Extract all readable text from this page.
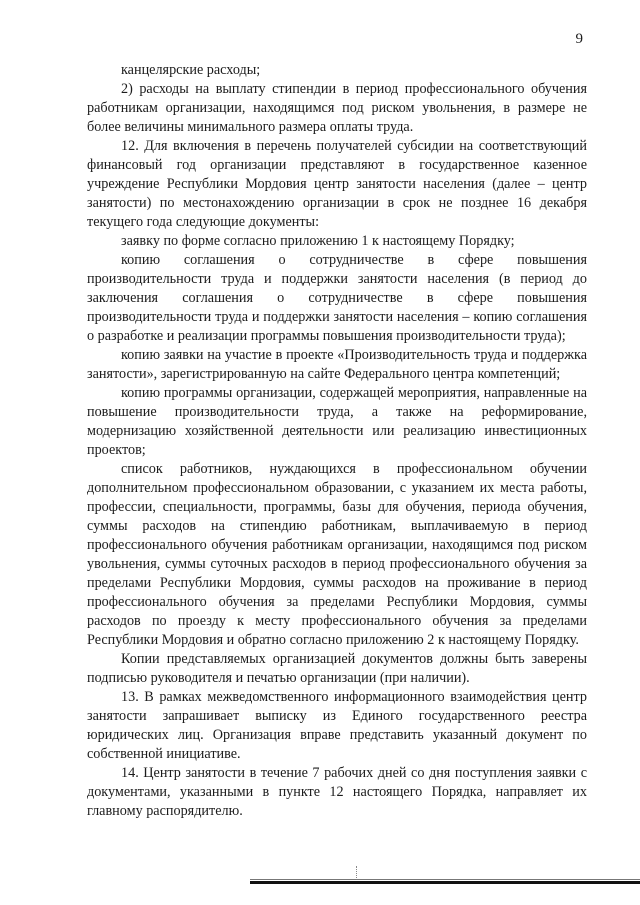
9

канцелярские расходы;

2) расходы на выплату стипендии в период профессионального обучения работникам организации, находящимся под риском увольнения, в размере не более величины минимального размера оплаты труда.

12. Для включения в перечень получателей субсидии на соответствующий финансовый год организации представляют в государственное казенное учреждение Республики Мордовия центр занятости населения (далее – центр занятости) по местонахождению организации в срок не позднее 16 декабря текущего года следующие документы:

заявку по форме согласно приложению 1 к настоящему Порядку;

копию соглашения о сотрудничестве в сфере повышения производительности труда и поддержки занятости населения (в период до заключения соглашения о сотрудничестве в сфере повышения производительности труда и поддержки занятости населения – копию соглашения о разработке и реализации программы повышения производительности труда);

копию заявки на участие в проекте «Производительность труда и поддержка занятости», зарегистрированную на сайте Федерального центра компетенций;

копию программы организации, содержащей мероприятия, направленные на повышение производительности труда, а также на реформирование, модернизацию хозяйственной деятельности или реализацию инвестиционных проектов;

список работников, нуждающихся в профессиональном обучении дополнительном профессиональном образовании, с указанием их места работы, профессии, специальности, программы, базы для обучения, периода обучения, суммы расходов на стипендию работникам, выплачиваемую в период профессионального обучения работникам организации, находящимся под риском увольнения, суммы суточных расходов в период профессионального обучения за пределами Республики Мордовия, суммы расходов на проживание в период профессионального обучения за пределами Республики Мордовия, суммы расходов по проезду к месту профессионального обучения за пределами Республики Мордовия и обратно согласно приложению 2 к настоящему Порядку.

Копии представляемых организацией документов должны быть заверены подписью руководителя и печатью организации (при наличии).

13. В рамках межведомственного информационного взаимодействия центр занятости запрашивает выписку из Единого государственного реестра юридических лиц. Организация вправе представить указанный документ по собственной инициативе.

14. Центр занятости в течение 7 рабочих дней со дня поступления заявки с документами, указанными в пункте 12 настоящего Порядка, направляет их главному распорядителю.
